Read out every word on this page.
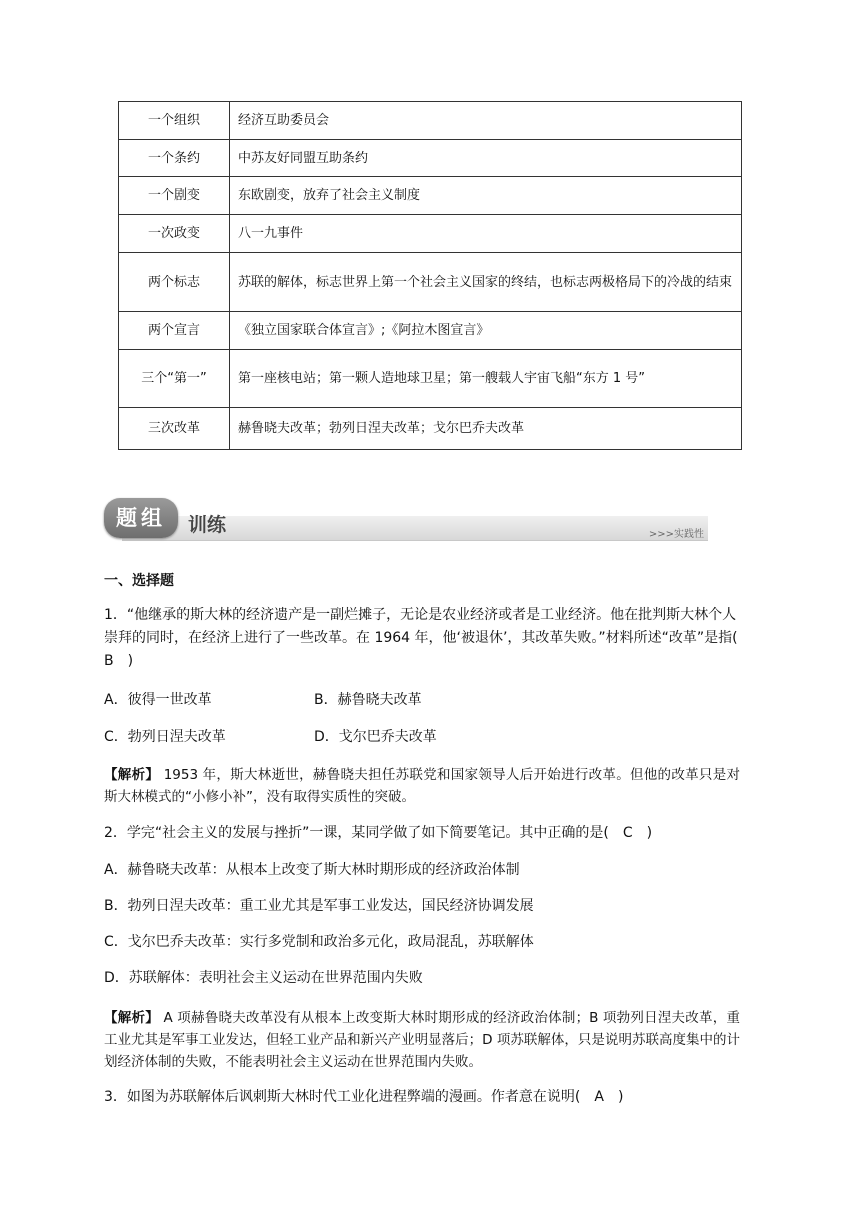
一个组织	经济互助委员会
一个条约	中苏友好同盟互助条约
一个剧变	东欧剧变，放弃了社会主义制度
一次政变	八一九事件
两个标志	苏联的解体，标志世界上第一个社会主义国家的终结，也标志两极格局下的冷战的结束
两个宣言	《独立国家联合体宣言》;《阿拉木图宣言》
三个“第一”	第一座核电站；第一颗人造地球卫星；第一艘载人宇宙飞船“东方 1 号”
三次改革	赫鲁晓夫改革；勃列日涅夫改革；戈尔巴乔夫改革
题组	训练	>>>实践性
一、选择题
1．“他继承的斯大林的经济遗产是一副烂摊子，无论是农业经济或者是工业经济。他在批判斯大林个人崇拜的同时，在经济上进行了一些改革。在 1964 年，他‘被退休’，其改革失败。”材料所述“改革”是指(　B　)
A．彼得一世改革	B．赫鲁晓夫改革
C．勃列日涅夫改革	D．戈尔巴乔夫改革
【解析】 1953 年，斯大林逝世，赫鲁晓夫担任苏联党和国家领导人后开始进行改革。但他的改革只是对斯大林模式的“小修小补”，没有取得实质性的突破。
2．学完“社会主义的发展与挫折”一课，某同学做了如下简要笔记。其中正确的是(　C　)
A．赫鲁晓夫改革：从根本上改变了斯大林时期形成的经济政治体制
B．勃列日涅夫改革：重工业尤其是军事工业发达，国民经济协调发展
C．戈尔巴乔夫改革：实行多党制和政治多元化，政局混乱，苏联解体
D．苏联解体：表明社会主义运动在世界范围内失败
【解析】 A 项赫鲁晓夫改革没有从根本上改变斯大林时期形成的经济政治体制；B 项勃列日涅夫改革，重工业尤其是军事工业发达，但轻工业产品和新兴产业明显落后；D 项苏联解体，只是说明苏联高度集中的计划经济体制的失败，不能表明社会主义运动在世界范围内失败。
3．如图为苏联解体后讽刺斯大林时代工业化进程弊端的漫画。作者意在说明(　A　)
